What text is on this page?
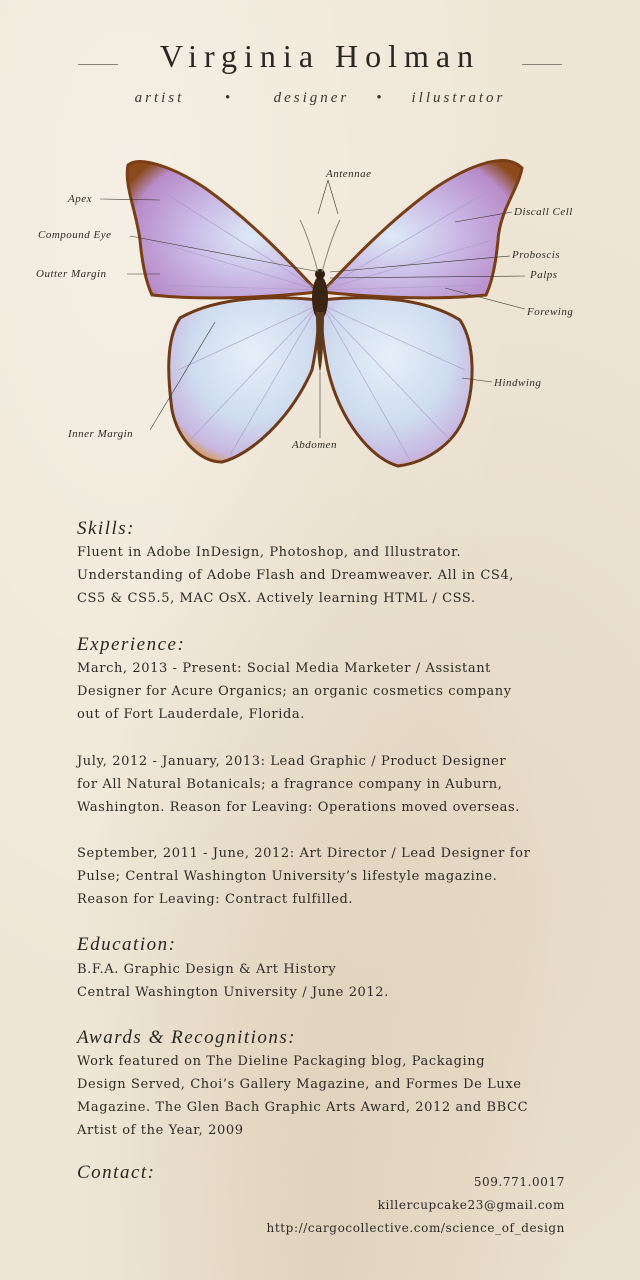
Virginia Holman
artist	•	designer • illustrator
Apex
Compound Eye
Outter Margin
Inner Margin
Antennae
Discall Cell
Proboscis
Palps
Forewing
Hindwing
Abdomen
Skills:
Fluent in Adobe InDesign, Photoshop, and Illustrator.
Understanding of Adobe Flash and Dreamweaver. All in CS4,
CS5 & CS5.5, MAC OsX. Actively learning HTML / CSS.
Experience:
March, 2013 - Present: Social Media Marketer / Assistant
Designer for Acure Organics; an organic cosmetics company
out of Fort Lauderdale, Florida.
July, 2012 - January, 2013: Lead Graphic / Product Designer
for All Natural Botanicals; a fragrance company in Auburn,
Washington. Reason for Leaving: Operations moved overseas.
September, 2011 - June, 2012: Art Director / Lead Designer for
Pulse; Central Washington University’s lifestyle magazine.
Reason for Leaving: Contract fulfilled.
Education:
B.F.A. Graphic Design & Art History
Central Washington University / June 2012.
Awards & Recognitions:
Work featured on The Dieline Packaging blog, Packaging
Design Served, Choi’s Gallery Magazine, and Formes De Luxe
Magazine. The Glen Bach Graphic Arts Award, 2012 and BBCC
Artist of the Year, 2009
Contact:	509.771.0017
killercupcake23@gmail.com
http://cargocollective.com/science_of_design
